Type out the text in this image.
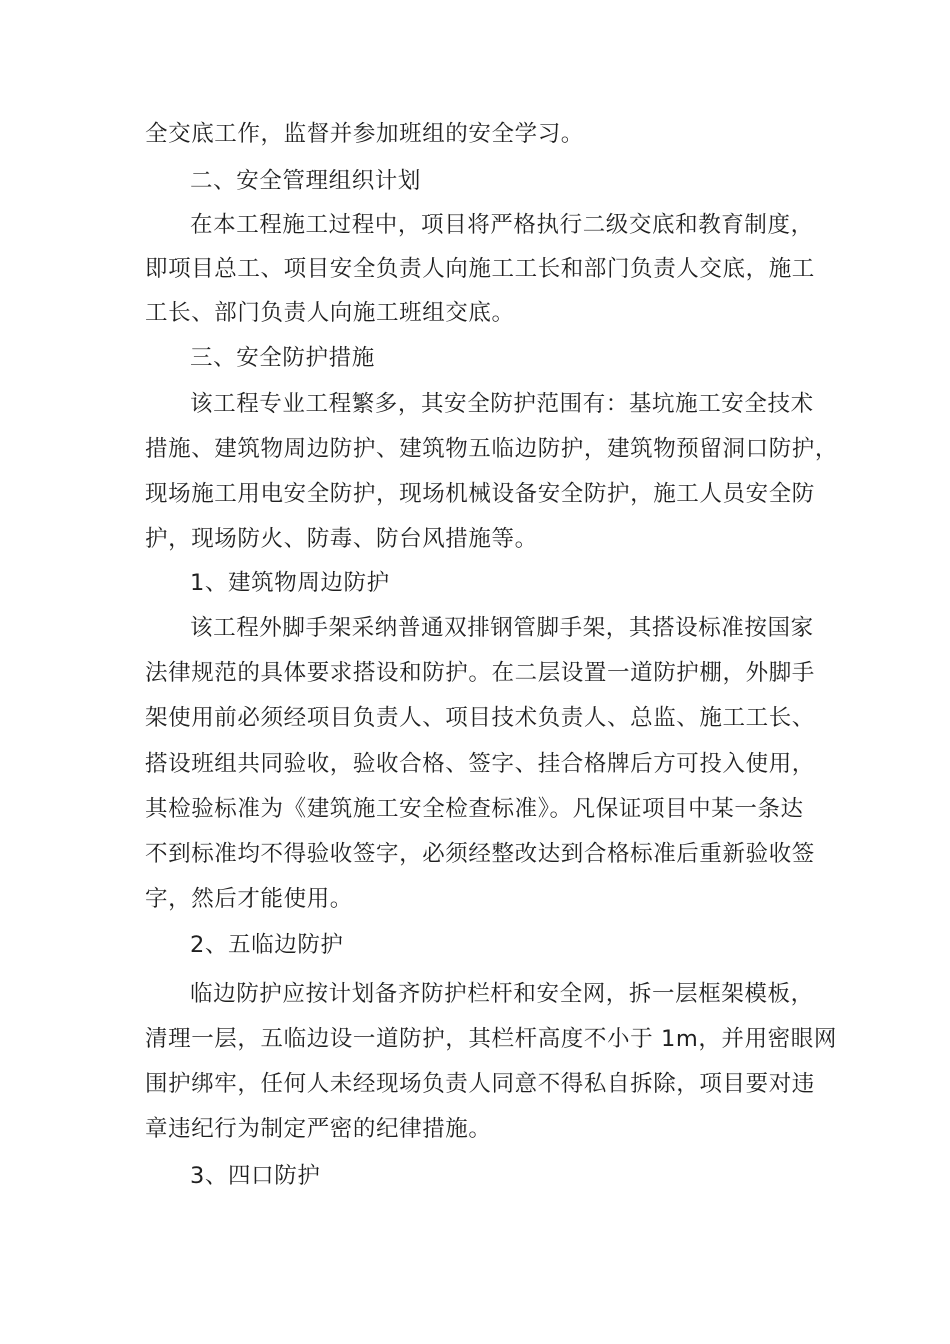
全交底工作，监督并参加班组的安全学习。
二、安全管理组织计划
在本工程施工过程中，项目将严格执行二级交底和教育制度，
即项目总工、项目安全负责人向施工工长和部门负责人交底，施工
工长、部门负责人向施工班组交底。
三、安全防护措施
该工程专业工程繁多，其安全防护范围有：基坑施工安全技术
措施、建筑物周边防护、建筑物五临边防护，建筑物预留洞口防护，
现场施工用电安全防护，现场机械设备安全防护，施工人员安全防
护，现场防火、防毒、防台风措施等。
1、建筑物周边防护
该工程外脚手架采纳普通双排钢管脚手架，其搭设标准按国家
法律规范的具体要求搭设和防护。在二层设置一道防护棚，外脚手
架使用前必须经项目负责人、项目技术负责人、总监、施工工长、
搭设班组共同验收，验收合格、签字、挂合格牌后方可投入使用，
其检验标准为《建筑施工安全检查标准》。凡保证项目中某一条达
不到标准均不得验收签字，必须经整改达到合格标准后重新验收签
字，然后才能使用。
2、五临边防护
临边防护应按计划备齐防护栏杆和安全网，拆一层框架模板，
清理一层，五临边设一道防护，其栏杆高度不小于 1m，并用密眼网
围护绑牢，任何人未经现场负责人同意不得私自拆除，项目要对违
章违纪行为制定严密的纪律措施。
3、四口防护
